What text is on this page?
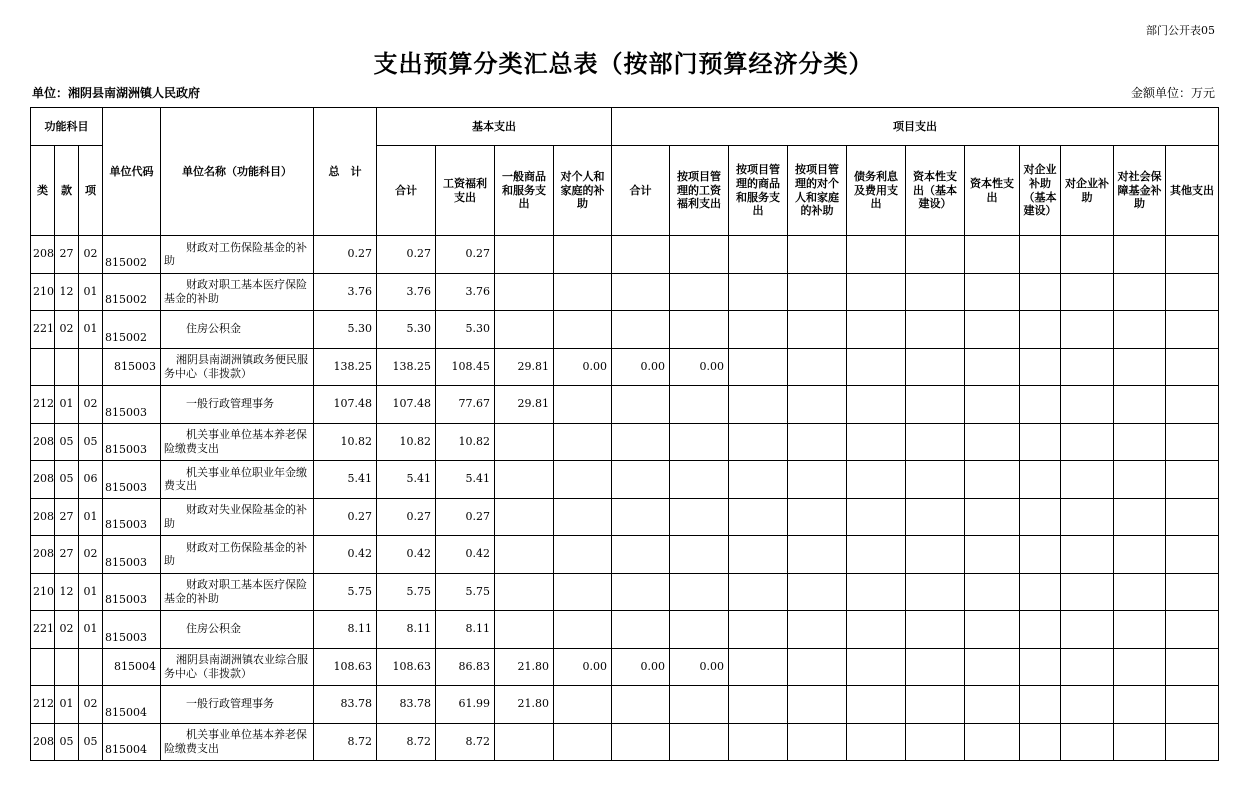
部门公开表05
支出预算分类汇总表（按部门预算经济分类）
单位：湘阴县南湖洲镇人民政府	金额单位：万元
功能科目			单位代码	单位名称（功能科目）	总　计	基本支出				项目支出										
类	款	项				合计	工资福利支出	一般商品和服务支出	对个人和家庭的补助	合计	按项目管理的工资福利支出	按项目管理的商品和服务支出	按项目管理的对个人和家庭的补助	债务利息及费用支出	资本性支出（基本建设）	资本性支出	对企业补助（基本建设）	对企业补助	对社会保障基金补助	其他支出
208	27	02	815002	财政对工伤保险基金的补助	0.27	0.27	0.27													
210	12	01	815002	财政对职工基本医疗保险基金的补助	3.76	3.76	3.76													
221	02	01	815002	住房公积金	5.30	5.30	5.30													
			815003	湘阴县南湖洲镇政务便民服务中心（非拨款）	138.25	138.25	108.45	29.81	0.00	0.00	0.00									
212	01	02	815003	一般行政管理事务	107.48	107.48	77.67	29.81												
208	05	05	815003	机关事业单位基本养老保险缴费支出	10.82	10.82	10.82													
208	05	06	815003	机关事业单位职业年金缴费支出	5.41	5.41	5.41													
208	27	01	815003	财政对失业保险基金的补助	0.27	0.27	0.27													
208	27	02	815003	财政对工伤保险基金的补助	0.42	0.42	0.42													
210	12	01	815003	财政对职工基本医疗保险基金的补助	5.75	5.75	5.75													
221	02	01	815003	住房公积金	8.11	8.11	8.11													
			815004	湘阴县南湖洲镇农业综合服务中心（非拨款）	108.63	108.63	86.83	21.80	0.00	0.00	0.00									
212	01	02	815004	一般行政管理事务	83.78	83.78	61.99	21.80												
208	05	05	815004	机关事业单位基本养老保险缴费支出	8.72	8.72	8.72													
